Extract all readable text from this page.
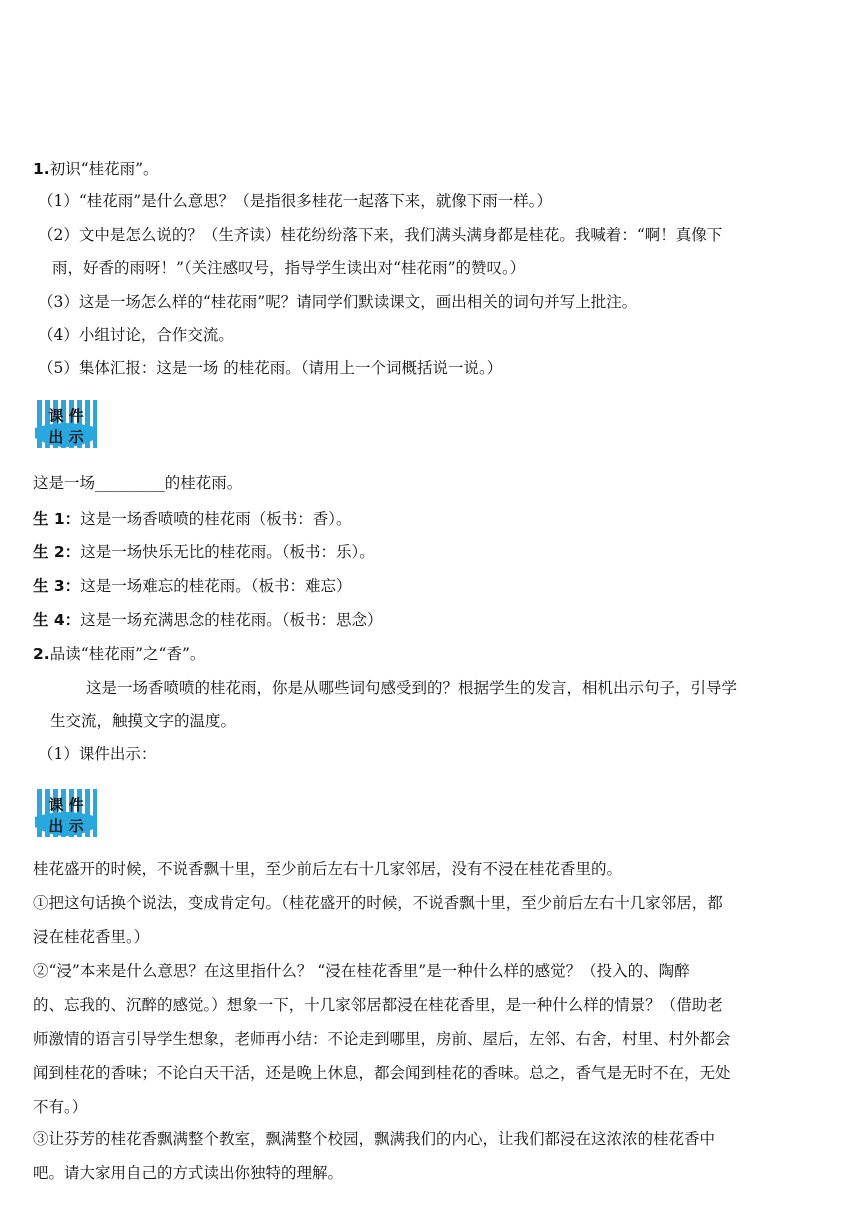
1.初识“桂花雨”。
（1）“桂花雨”是什么意思？（是指很多桂花一起落下来，就像下雨一样。）
（2）文中是怎么说的？（生齐读）桂花纷纷落下来，我们满头满身都是桂花。我喊着：“啊！真像下
雨，好香的雨呀！”（关注感叹号，指导学生读出对“桂花雨”的赞叹。）
（3）这是一场怎么样的“桂花雨”呢？请同学们默读课文，画出相关的词句并写上批注。
（4）小组讨论，合作交流。
（5）集体汇报：这是一场 的桂花雨。（请用上一个词概括说一说。）
课 件
出 示
这是一场_________的桂花雨。
生 1：这是一场香喷喷的桂花雨（板书：香）。
生 2：这是一场快乐无比的桂花雨。（板书：乐）。
生 3：这是一场难忘的桂花雨。（板书：难忘）
生 4：这是一场充满思念的桂花雨。（板书：思念）
2.品读“桂花雨”之“香”。
这是一场香喷喷的桂花雨，你是从哪些词句感受到的？根据学生的发言，相机出示句子，引导学
生交流，触摸文字的温度。
（1）课件出示：
课 件
出 示
桂花盛开的时候，不说香飘十里，至少前后左右十几家邻居，没有不浸在桂花香里的。
①把这句话换个说法，变成肯定句。（桂花盛开的时候，不说香飘十里，至少前后左右十几家邻居，都
浸在桂花香里。）
②“浸”本来是什么意思？在这里指什么？ “浸在桂花香里”是一种什么样的感觉？（投入的、陶醉
的、忘我的、沉醉的感觉。）想象一下，十几家邻居都浸在桂花香里，是一种什么样的情景？（借助老
师激情的语言引导学生想象，老师再小结：不论走到哪里，房前、屋后，左邻、右舍，村里、村外都会
闻到桂花的香味；不论白天干活，还是晚上休息，都会闻到桂花的香味。总之，香气是无时不在，无处
不有。）
③让芬芳的桂花香飘满整个教室，飘满整个校园，飘满我们的内心，让我们都浸在这浓浓的桂花香中
吧。请大家用自己的方式读出你独特的理解。
